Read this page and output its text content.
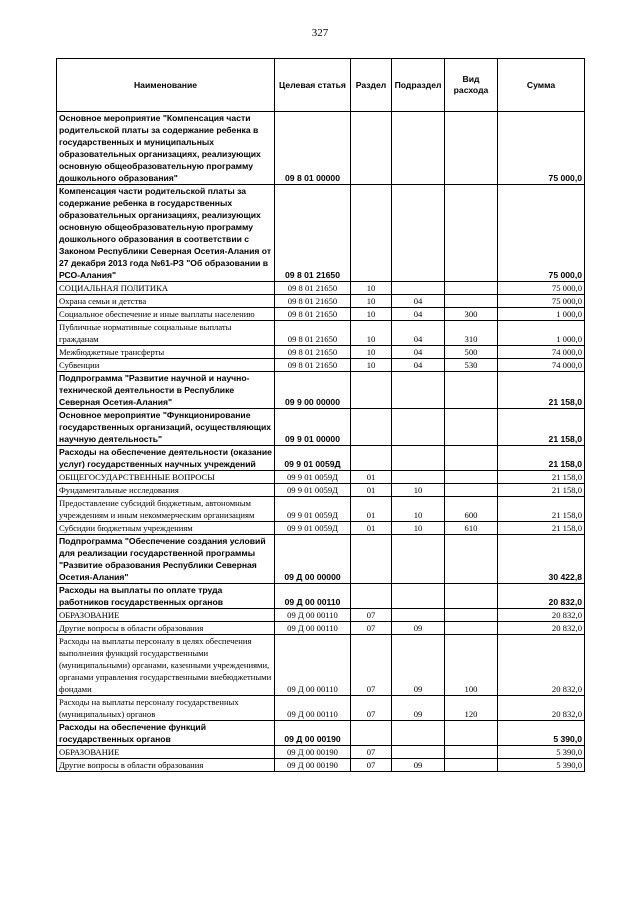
327
Наименование	Целевая статья	Раздел	Подраздел	Вид расхода	Сумма
Основное мероприятие "Компенсация части родительской платы за содержание ребенка в государственных и муниципальных образовательных организациях, реализующих основную общеобразовательную программу дошкольного образования"	09 8 01 00000				75 000,0
Компенсация части родительской платы за содержание ребенка в государственных образовательных организациях, реализующих основную общеобразовательную программу дошкольного образования в соответствии с Законом Республики Северная Осетия-Алания от 27 декабря 2013 года №61-РЗ "Об образовании в РСО-Алания"	09 8 01 21650				75 000,0
СОЦИАЛЬНАЯ ПОЛИТИКА	09 8 01 21650	10			75 000,0
Охрана семьи и детства	09 8 01 21650	10	04		75 000,0
Социальное обеспечение и иные выплаты населению	09 8 01 21650	10	04	300	1 000,0
Публичные нормативные социальные выплаты гражданам	09 8 01 21650	10	04	310	1 000,0
Межбюджетные трансферты	09 8 01 21650	10	04	500	74 000,0
Субвенции	09 8 01 21650	10	04	530	74 000,0
Подпрограмма "Развитие научной и научно-технической деятельности в Республике Северная Осетия-Алания"	09 9 00 00000				21 158,0
Основное мероприятие "Функционирование государственных организаций, осуществляющих научную деятельность"	09 9 01 00000				21 158,0
Расходы на обеспечение деятельности (оказание услуг) государственных научных учреждений	09 9 01 0059Д				21 158,0
ОБЩЕГОСУДАРСТВЕННЫЕ ВОПРОСЫ	09 9 01 0059Д	01			21 158,0
Фундаментальные исследования	09 9 01 0059Д	01	10		21 158,0
Предоставление субсидий бюджетным, автономным учреждениям и иным некоммерческим организациям	09 9 01 0059Д	01	10	600	21 158,0
Субсидии бюджетным учреждениям	09 9 01 0059Д	01	10	610	21 158,0
Подпрограмма "Обеспечение создания условий для реализации государственной программы "Развитие образования Республики Северная Осетия-Алания"	09 Д 00 00000				30 422,8
Расходы на выплаты по оплате труда работников государственных органов	09 Д 00 00110				20 832,0
ОБРАЗОВАНИЕ	09 Д 00 00110	07			20 832,0
Другие вопросы в области образования	09 Д 00 00110	07	09		20 832,0
Расходы на выплаты персоналу в целях обеспечения выполнения функций государственными (муниципальными) органами, казенными учреждениями, органами управления государственными внебюджетными фондами	09 Д 00 00110	07	09	100	20 832,0
Расходы на выплаты персоналу государственных (муниципальных) органов	09 Д 00 00110	07	09	120	20 832,0
Расходы на обеспечение функций государственных органов	09 Д 00 00190				5 390,0
ОБРАЗОВАНИЕ	09 Д 00 00190	07			5 390,0
Другие вопросы в области образования	09 Д 00 00190	07	09		5 390,0
